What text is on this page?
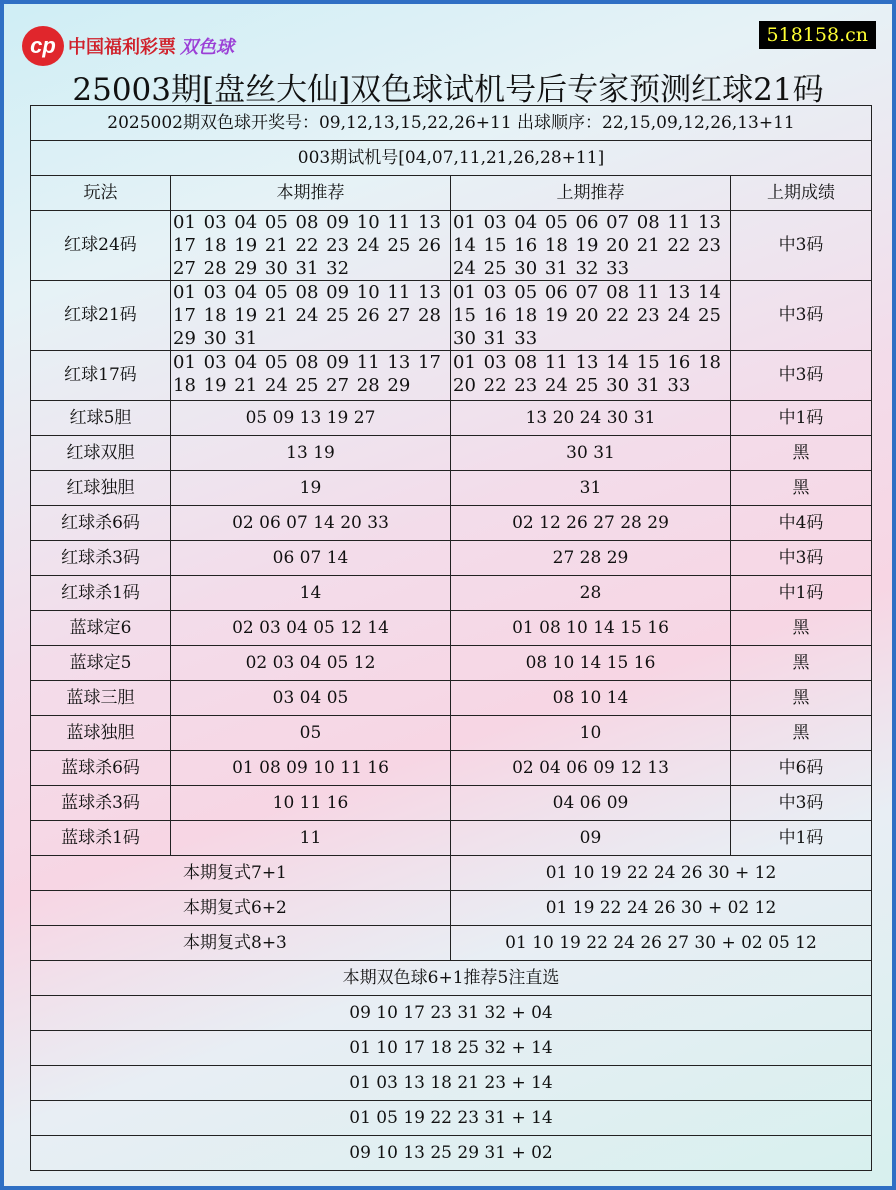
cp 中国福利彩票 双色球
518158.cn
25003期[盘丝大仙]双色球试机号后专家预测红球21码
2025002期双色球开奖号：09,12,13,15,22,26+11 出球顺序：22,15,09,12,26,13+11			
003期试机号[04,07,11,21,26,28+11]			
玩法	本期推荐	上期推荐	上期成绩
红球24码	01 03 04 05 08 09 10 11 13 17 18 19 21 22 23 24 25 26 27 28 29 30 31 32	01 03 04 05 06 07 08 11 13 14 15 16 18 19 20 21 22 23 24 25 30 31 32 33	中3码
红球21码	01 03 04 05 08 09 10 11 13 17 18 19 21 24 25 26 27 28 29 30 31	01 03 05 06 07 08 11 13 14 15 16 18 19 20 22 23 24 25 30 31 33	中3码
红球17码	01 03 04 05 08 09 11 13 17 18 19 21 24 25 27 28 29	01 03 08 11 13 14 15 16 18 20 22 23 24 25 30 31 33	中3码
红球5胆	05 09 13 19 27	13 20 24 30 31	中1码
红球双胆	13 19	30 31	黑
红球独胆	19	31	黑
红球杀6码	02 06 07 14 20 33	02 12 26 27 28 29	中4码
红球杀3码	06 07 14	27 28 29	中3码
红球杀1码	14	28	中1码
蓝球定6	02 03 04 05 12 14	01 08 10 14 15 16	黑
蓝球定5	02 03 04 05 12	08 10 14 15 16	黑
蓝球三胆	03 04 05	08 10 14	黑
蓝球独胆	05	10	黑
蓝球杀6码	01 08 09 10 11 16	02 04 06 09 12 13	中6码
蓝球杀3码	10 11 16	04 06 09	中3码
蓝球杀1码	11	09	中1码
本期复式7+1		01 10 19 22 24 26 30 + 12	
本期复式6+2		01 19 22 24 26 30 + 02 12	
本期复式8+3		01 10 19 22 24 26 27 30 + 02 05 12	
本期双色球6+1推荐5注直选			
09 10 17 23 31 32 + 04			
01 10 17 18 25 32 + 14			
01 03 13 18 21 23 + 14			
01 05 19 22 23 31 + 14			
09 10 13 25 29 31 + 02			
